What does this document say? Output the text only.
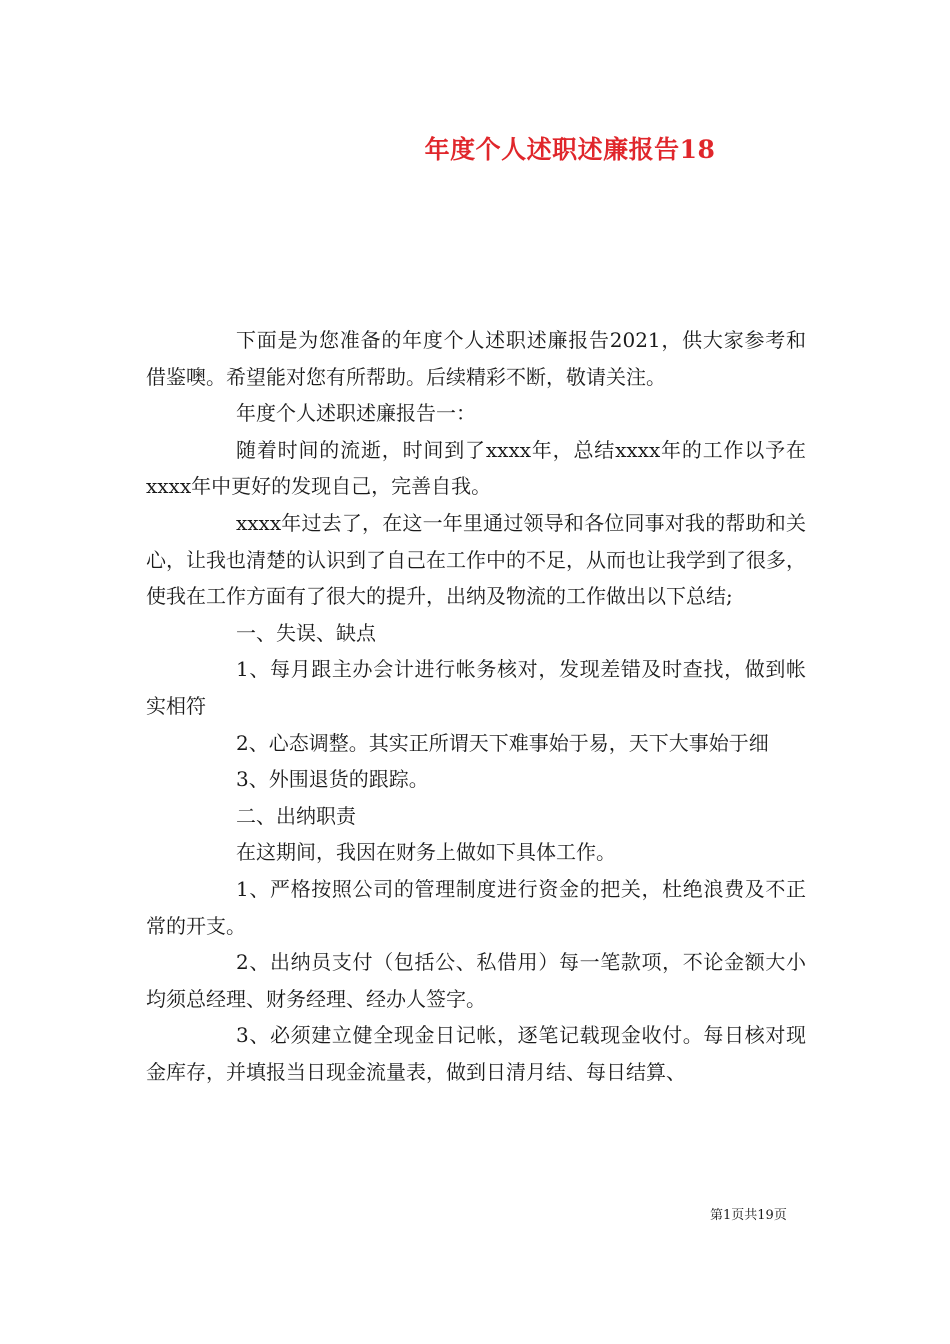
年度个人述职述廉报告18

下面是为您准备的年度个人述职述廉报告2021，供大家参考和借鉴噢。希望能对您有所帮助。后续精彩不断，敬请关注。

年度个人述职述廉报告一：

随着时间的流逝，时间到了xxxx年，总结xxxx年的工作以予在xxxx年中更好的发现自己，完善自我。

xxxx年过去了，在这一年里通过领导和各位同事对我的帮助和关心，让我也清楚的认识到了自己在工作中的不足，从而也让我学到了很多，使我在工作方面有了很大的提升，出纳及物流的工作做出以下总结;

一、失误、缺点

1、每月跟主办会计进行帐务核对，发现差错及时查找，做到帐实相符

2、心态调整。其实正所谓天下难事始于易，天下大事始于细

3、外围退货的跟踪。

二、出纳职责

在这期间，我因在财务上做如下具体工作。

1、严格按照公司的管理制度进行资金的把关，杜绝浪费及不正常的开支。

2、出纳员支付（包括公、私借用）每一笔款项，不论金额大小均须总经理、财务经理、经办人签字。

3、必须建立健全现金日记帐，逐笔记载现金收付。每日核对现金库存，并填报当日现金流量表，做到日清月结、每日结算、

第1页共19页
